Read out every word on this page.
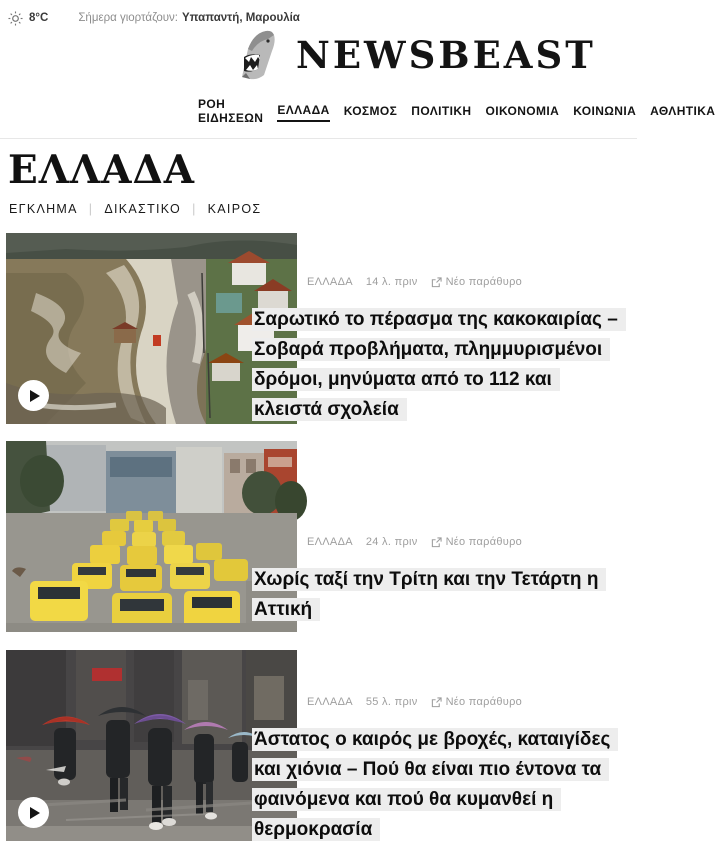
8°C	Σήμερα γιορτάζουν: Υπαπαντή, Μαρουλία
NEWSBEAST
ΡΟΗ ΕΙΔΗΣΕΩΝ
ΕΛΛΑΔΑ ΚΟΣΜΟΣ ΠΟΛΙΤΙΚΗ ΟΙΚΟΝΟΜΙΑ ΚΟΙΝΩΝΙΑ ΑΘΛΗΤΙΚΑ
ΕΛΛΑΔΑ
ΕΓΚΛΗΜΑ | ΔΙΚΑΣΤΙΚΟ | ΚΑΙΡΟΣ
ΕΛΛΑΔΑ 14 λ. πριν	Νέο παράθυρο
Σαρωτικό το πέρασμα της κακοκαιρίας – Σοβαρά προβλήματα, πλημμυρισμένοι δρόμοι, μηνύματα από το 112 και κλειστά σχολεία
ΕΛΛΑΔΑ 24 λ. πριν	Νέο παράθυρο
Χωρίς ταξί την Τρίτη και την Τετάρτη η Αττική
ΕΛΛΑΔΑ 55 λ. πριν	Νέο παράθυρο
Άστατος ο καιρός με βροχές, καταιγίδες και χιόνια – Πού θα είναι πιο έντονα τα φαινόμενα και πού θα κυμανθεί η θερμοκρασία
